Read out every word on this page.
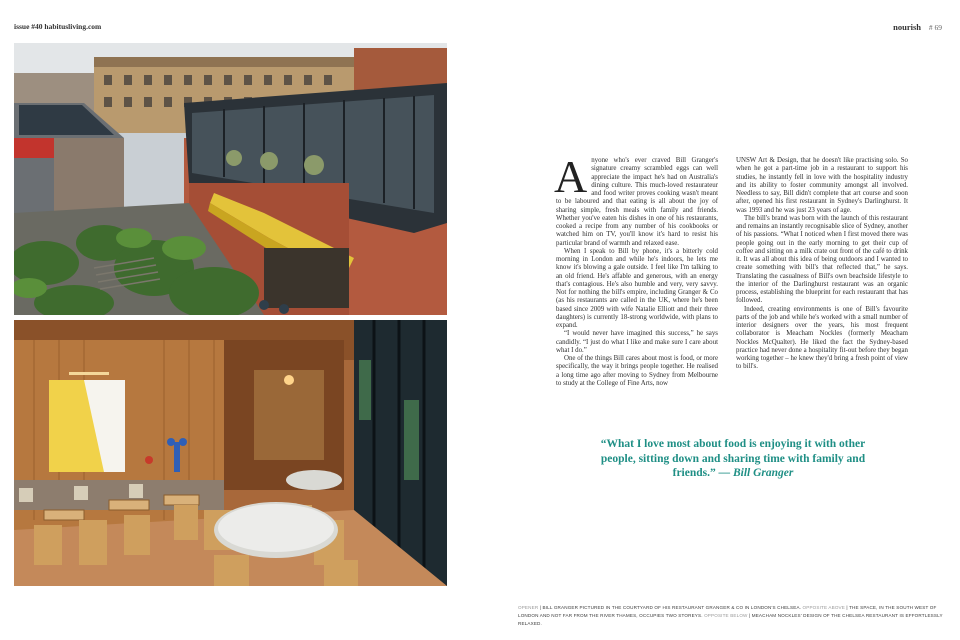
issue #40 habitusliving.com	nourish # 69

Anyone who's ever craved Bill Granger's signature creamy scrambled eggs can well appreciate the impact he's had on Australia's dining culture. This much-loved restaurateur and food writer proves cooking wasn't meant to be laboured and that eating is all about the joy of sharing simple, fresh meals with family and friends. Whether you've eaten his dishes in one of his restaurants, cooked a recipe from any number of his cookbooks or watched him on TV, you'll know it's hard to resist his particular brand of warmth and relaxed ease.

When I speak to Bill by phone, it's a bitterly cold morning in London and while he's indoors, he lets me know it's blowing a gale outside. I feel like I'm talking to an old friend. He's affable and generous, with an energy that's contagious. He's also humble and very, very savvy. Not for nothing the bill's empire, including Granger & Co (as his restaurants are called in the UK, where he's been based since 2009 with wife Natalie Elliott and their three daughters) is currently 18-strong worldwide, with plans to expand.

“I would never have imagined this success,” he says candidly. “I just do what I like and make sure I care about what I do.”

One of the things Bill cares about most is food, or more specifically, the way it brings people together. He realised a long time ago after moving to Sydney from Melbourne to study at the College of Fine Arts, now

UNSW Art & Design, that he doesn't like practising solo. So when he got a part-time job in a restaurant to support his studies, he instantly fell in love with the hospitality industry and its ability to foster community amongst all involved. Needless to say, Bill didn't complete that art course and soon after, opened his first restaurant in Sydney's Darlinghurst. It was 1993 and he was just 23 years of age.

The bill's brand was born with the launch of this restaurant and remains an instantly recognisable slice of Sydney, another of his passions. “What I noticed when I first moved there was people going out in the early morning to get their cup of coffee and sitting on a milk crate out front of the café to drink it. It was all about this idea of being outdoors and I wanted to create something with bill's that reflected that,” he says. Translating the casualness of Bill's own beachside lifestyle to the interior of the Darlinghurst restaurant was an organic process, establishing the blueprint for each restaurant that has followed.

Indeed, creating environments is one of Bill's favourite parts of the job and while he's worked with a small number of interior designers over the years, his most frequent collaborator is Meacham Nockles (formerly Meacham Nockles McQualter). He liked the fact the Sydney-based practice had never done a hospitality fit-out before they began working together – he knew they'd bring a fresh point of view to bill's.

“What I love most about food is enjoying it with other people, sitting down and sharing time with family and friends.” — Bill Granger
OPENER | BILL GRANGER PICTURED IN THE COURTYARD OF HIS RESTAURANT GRANGER & CO IN LONDON'S CHELSEA. OPPOSITE ABOVE | THE SPACE, IN THE SOUTH WEST OF LONDON AND NOT FAR FROM THE RIVER THAMES, OCCUPIES TWO STOREYS. OPPOSITE BELOW | MEACHAM NOCKLES' DESIGN OF THE CHELSEA RESTAURANT IS EFFORTLESSLY RELAXED.
